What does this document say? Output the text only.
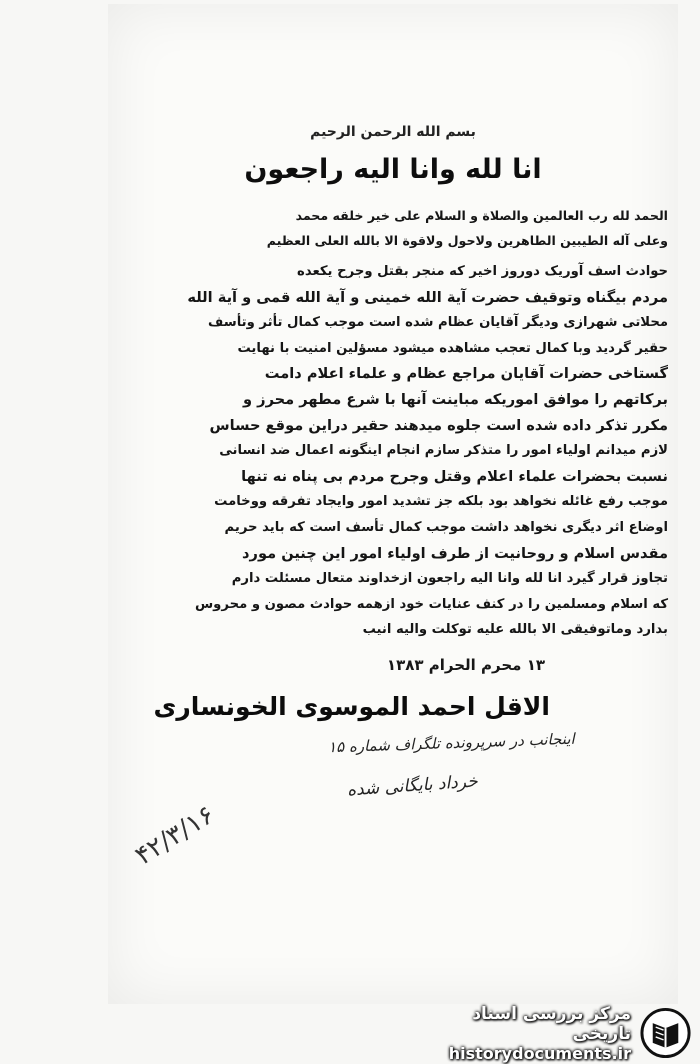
بسم الله الرحمن الرحيم
انا لله وانا اليه راجعون

الحمد لله رب العالمين والصلاة و السلام علی خير خلقه محمد

وعلی آله الطيبين الطاهرين ولاحول ولاقوة الا بالله العلی العظيم

حوادث اسف آوريک دوروز اخير که منجر بقتل وجرح يکعده

مردم بيگناه وتوقيف حضرت آية الله خمينی و آية الله قمی و آية الله

محلاتی شهرازی وديگر آقايان عظام شده است موجب کمال تأثر وتأسف

حقير گرديد وبا کمال تعجب مشاهده ميشود مسؤلين امنيت با نهايت

گستاخی حضرات آقايان مراجع عظام و علماء اعلام دامت

برکاتهم را موافق اموريکه مباينت آنها با شرع مطهر محرز و

مکرر تذکر داده شده است جلوه ميدهند حقير دراين موقع حساس

لازم ميدانم اولياء امور را متذکر سازم انجام اينگونه اعمال ضد انسانی

نسبت بحضرات علماء اعلام وقتل وجرح مردم بی پناه نه تنها

موجب رفع غائله نخواهد بود بلکه جز تشديد امور وايجاد تفرقه ووخامت

اوضاع اثر ديگری نخواهد داشت موجب کمال تأسف است که بايد حريم

مقدس اسلام و روحانيت از طرف اولياء امور اين چنين مورد

تجاوز قرار گيرد انا لله وانا اليه راجعون ازخداوند متعال مسئلت دارم

که اسلام ومسلمين را در کنف عنايات خود ازهمه حوادث مصون و محروس

بدارد وماتوفيقی الا بالله عليه توکلت واليه انيب

۱۳ محرم الحرام ۱۳۸۳
الاقل احمد الموسوی الخونساری
اینجانب در سرپرونده تلگراف شماره ۱۵
خرداد بایگانی شده
۴۲/۳/۱۶
مرکز بررسی اسناد تاریخی
historydocuments.ir
